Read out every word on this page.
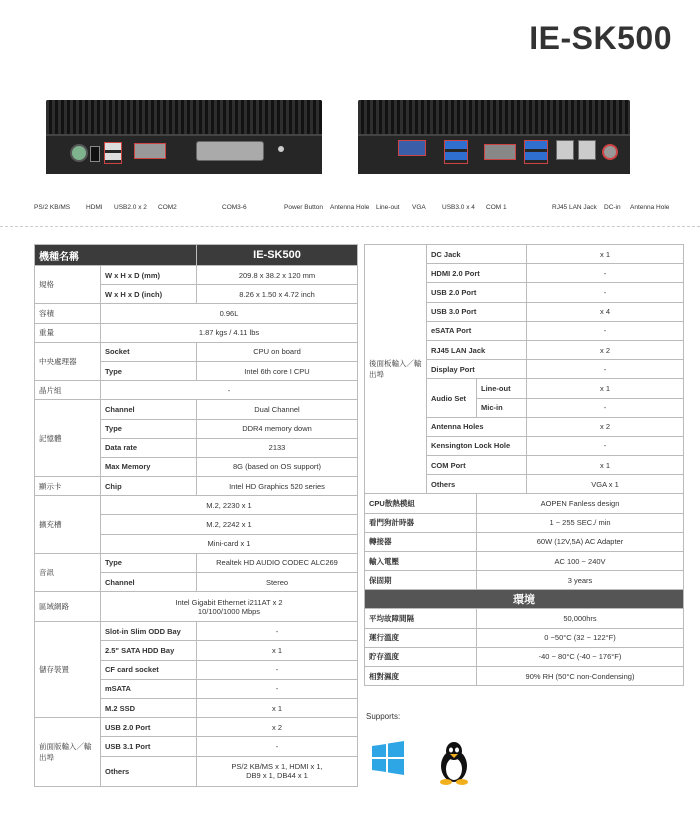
IE-SK500
PS/2 KB/MS HDMI USB2.0 x 2 COM2	COM3-6	Power Button Antenna Hole Line-out VGA	USB3.0 x 4 COM 1	RJ45 LAN Jack DC-in Antenna Hole
機種名稱		IE-SK500
規格	W x H x D (mm)	209.8 x 38.2 x 120 mm
	W x H x D (inch)	8.26 x 1.50 x 4.72 inch
容積	0.96L	
重量	1.87 kgs / 4.11 lbs	
中央處理器	Socket	CPU on board
	Type	Intel 6th core I CPU
晶片組	-	
記憶體	Channel	Dual Channel
	Type	DDR4 memory down
	Data rate	2133
	Max Memory	8G (based on OS support)
顯示卡	Chip	Intel HD Graphics 520 series
擴充槽	M.2, 2230 x 1	
	M.2, 2242 x 1	
	Mini-card x 1	
音訊	Type	Realtek HD AUDIO CODEC ALC269
	Channel	Stereo
區域網路	Intel Gigabit Ethernet i211AT x 2
10/100/1000 Mbps	
儲存裝置	Slot-in Slim ODD Bay	-
	2.5" SATA HDD Bay	x 1
	CF card socket	-
	mSATA	-
	M.2 SSD	x 1
前面版輸入／輸出埠	USB 2.0 Port	x 2
	USB 3.1 Port	-
	Others	PS/2 KB/MS x 1, HDMI x 1,
DB9 x 1, DB44 x 1
後面板輸入／輸出埠	DC Jack		x 1
	HDMI 2.0 Port		-
	USB 2.0 Port		-
	USB 3.0 Port		x 4
	eSATA Port		-
	RJ45 LAN Jack		x 2
	Display Port		-
	Audio Set	Line-out	x 1
		Mic-in	-
	Antenna Holes		x 2
	Kensington Lock Hole		-
	COM Port		x 1
	Others		VGA x 1
CPU散熱模組		AOPEN Fanless design	
看門狗計時器		1 ~ 255 SEC./ min	
轉接器		60W (12V,5A) AC Adapter	
輸入電壓		AC 100 ~ 240V	
保固期		3 years	
環境			
平均故障間隔		50,000hrs	
運行溫度		0 ~50°C (32 ~ 122°F)	
貯存溫度		-40 ~ 80°C (-40 ~ 176°F)	
相對濕度		90% RH (50°C non-Condensing)	
Supports:
